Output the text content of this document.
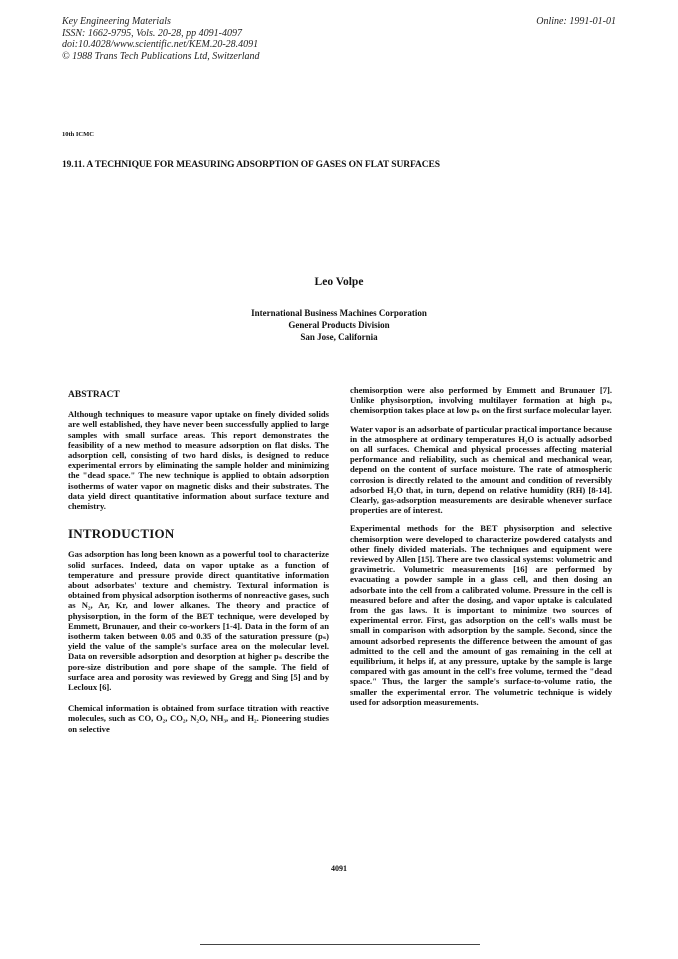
Key Engineering Materials
ISSN: 1662-9795, Vols. 20-28, pp 4091-4097
doi:10.4028/www.scientific.net/KEM.20-28.4091
© 1988 Trans Tech Publications Ltd, Switzerland
Online: 1991-01-01
10th ICMC
19.11. A TECHNIQUE FOR MEASURING ADSORPTION OF GASES ON FLAT SURFACES
Leo Volpe
International Business Machines Corporation
General Products Division
San Jose, California
ABSTRACT

Although techniques to measure vapor uptake on finely divided solids are well established, they have never been successfully applied to large samples with small surface areas. This report demonstrates the feasibility of a new method to measure adsorption on flat disks. The adsorption cell, consisting of two hard disks, is designed to reduce experimental errors by eliminating the sample holder and minimizing the "dead space." The new technique is applied to obtain adsorption isotherms of water vapor on magnetic disks and their substrates. The data yield direct quantitative information about surface texture and chemistry.

INTRODUCTION

Gas adsorption has long been known as a powerful tool to characterize solid surfaces. Indeed, data on vapor uptake as a function of temperature and pressure provide direct quantitative information about adsorbates' texture and chemistry. Textural information is obtained from physical adsorption isotherms of nonreactive gases, such as N₂, Ar, Kr, and lower alkanes. The theory and practice of physisorption, in the form of the BET technique, were developed by Emmett, Brunauer, and their co-workers [1-4]. Data in the form of an isotherm taken between 0.05 and 0.35 of the saturation pressure (pₛ) yield the value of the sample's surface area on the molecular level. Data on reversible adsorption and desorption at higher pₛ describe the pore-size distribution and pore shape of the sample. The field of surface area and porosity was reviewed by Gregg and Sing [5] and by Lecloux [6].

Chemical information is obtained from surface titration with reactive molecules, such as CO, O₂, CO₂, N₂O, NH₃, and H₂. Pioneering studies on selective

chemisorption were also performed by Emmett and Brunauer [7]. Unlike physisorption, involving multilayer formation at high pₛ, chemisorption takes place at low pₛ on the first surface molecular layer.

Water vapor is an adsorbate of particular practical importance because in the atmosphere at ordinary temperatures H₂O is actually adsorbed on all surfaces. Chemical and physical processes affecting material performance and reliability, such as chemical and mechanical wear, depend on the content of surface moisture. The rate of atmospheric corrosion is directly related to the amount and condition of reversibly adsorbed H₂O that, in turn, depend on relative humidity (RH) [8-14]. Clearly, gas-adsorption measurements are desirable whenever surface properties are of interest.

Experimental methods for the BET physisorption and selective chemisorption were developed to characterize powdered catalysts and other finely divided materials. The techniques and equipment were reviewed by Allen [15]. There are two classical systems: volumetric and gravimetric. Volumetric measurements [16] are performed by evacuating a powder sample in a glass cell, and then dosing an adsorbate into the cell from a calibrated volume. Pressure in the cell is measured before and after the dosing, and vapor uptake is calculated from the gas laws. It is important to minimize two sources of experimental error. First, gas adsorption on the cell's walls must be small in comparison with adsorption by the sample. Second, since the amount adsorbed represents the difference between the amount of gas admitted to the cell and the amount of gas remaining in the cell at equilibrium, it helps if, at any pressure, uptake by the sample is large compared with gas amount in the cell's free volume, termed the "dead space." Thus, the larger the sample's surface-to-volume ratio, the smaller the experimental error. The volumetric technique is widely used for adsorption measurements.

4091
